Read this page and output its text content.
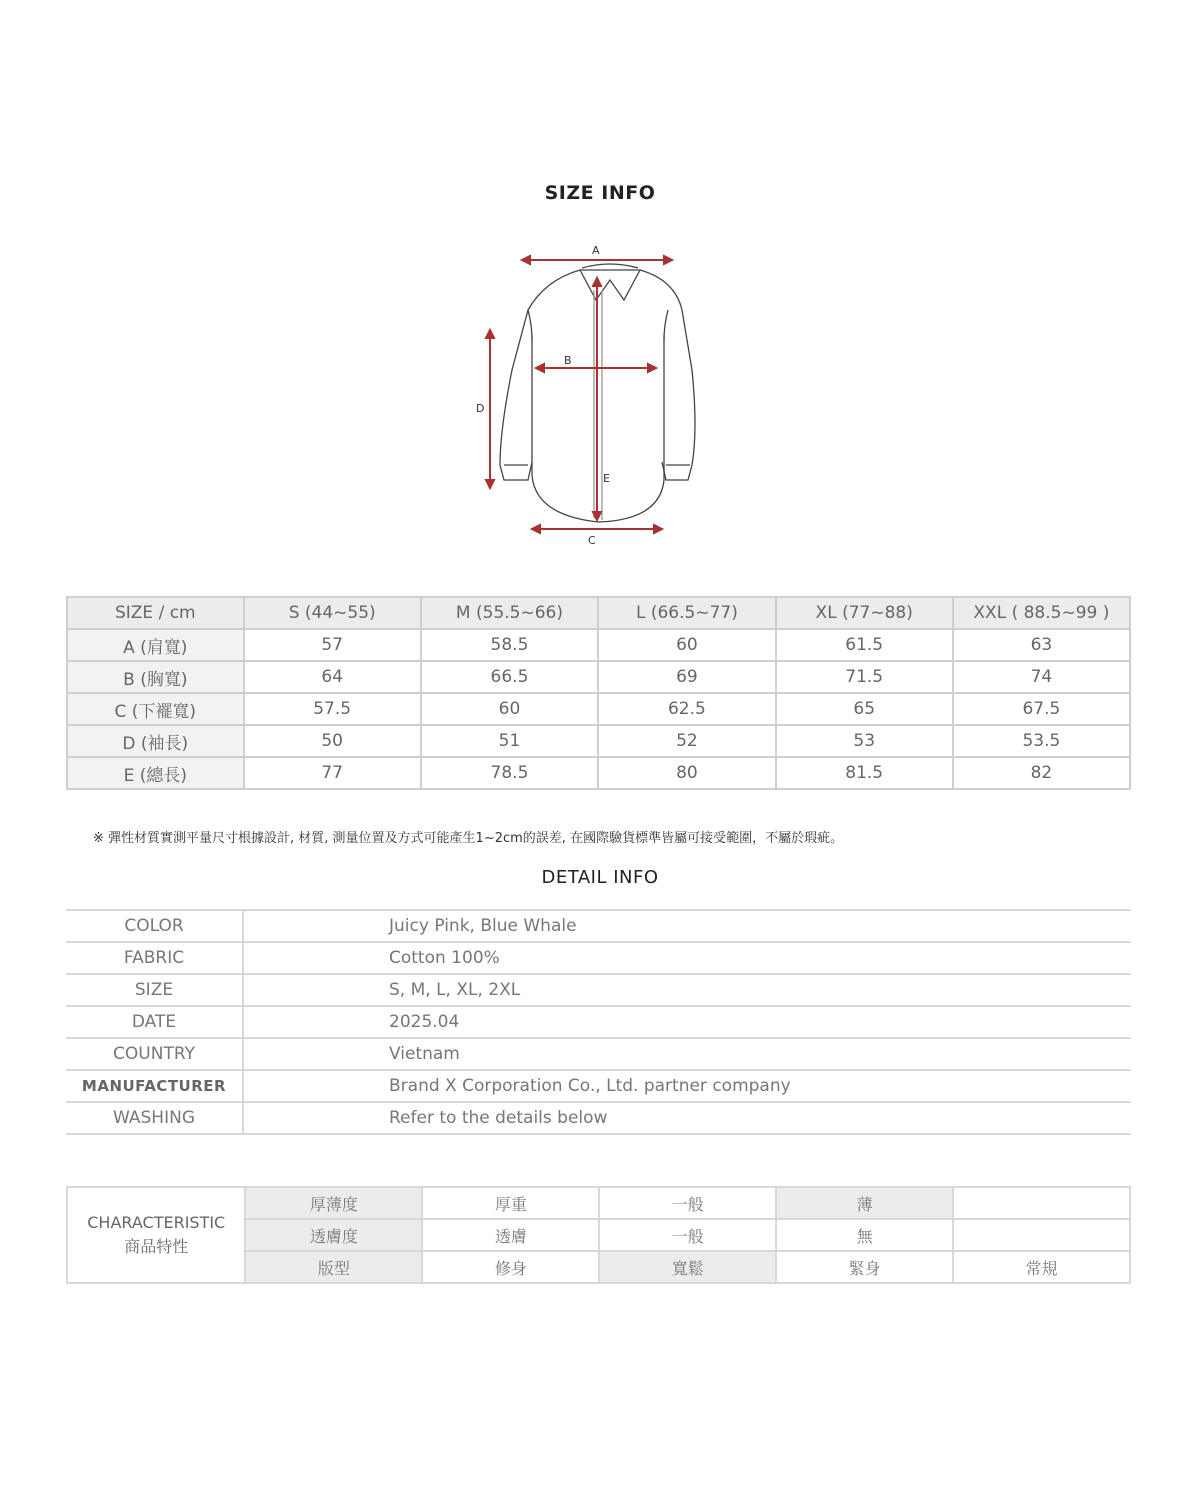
SIZE INFO
A
B
C
D
E
SIZE / cm	S (44~55)	M (55.5~66)	L (66.5~77)	XL (77~88)	XXL ( 88.5~99 )
A (肩寬)	57	58.5	60	61.5	63
B (胸寬)	64	66.5	69	71.5	74
C (下襬寬)	57.5	60	62.5	65	67.5
D (袖長)	50	51	52	53	53.5
E (總長)	77	78.5	80	81.5	82
※ 彈性材質實測平量尺寸根據設計, 材質, 測量位置及方式可能產生1~2cm的誤差, 在國際驗貨標準皆屬可接受範圍，不屬於瑕疵。
DETAIL INFO
COLOR	Juicy Pink, Blue Whale
FABRIC	Cotton 100%
SIZE	S, M, L, XL, 2XL
DATE	2025.04
COUNTRY	Vietnam
MANUFACTURER	Brand X Corporation Co., Ltd. partner company
WASHING	Refer to the details below
CHARACTERISTIC
商品特性	厚薄度	厚重	一般	薄	
	透膚度	透膚	一般	無	
	版型	修身	寬鬆	緊身	常規
